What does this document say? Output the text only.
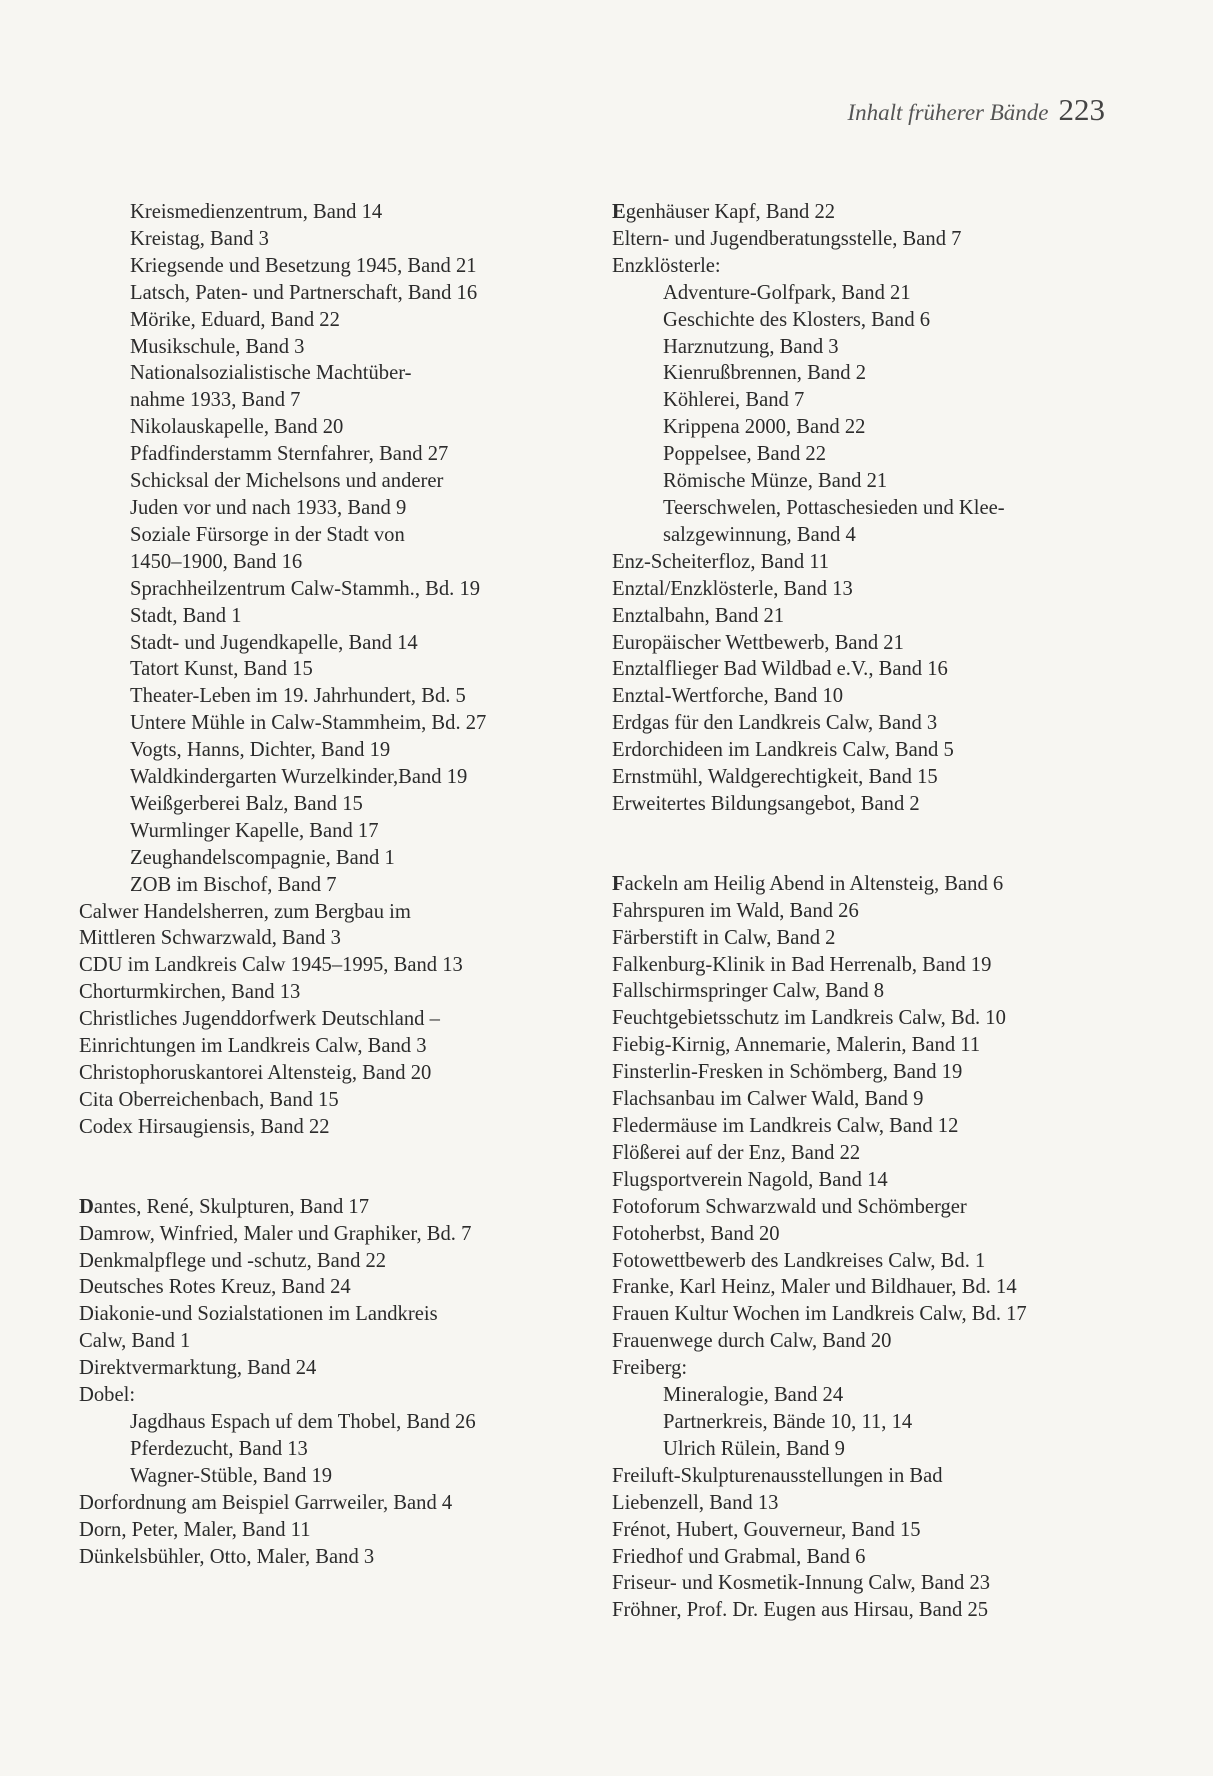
Inhalt früherer Bände 223
Kreismedienzentrum, Band 14
Kreistag, Band 3
Kriegsende und Besetzung 1945, Band 21
Latsch, Paten- und Partnerschaft, Band 16
Mörike, Eduard, Band 22
Musikschule, Band 3
Nationalsozialistische Machtüber-
nahme 1933, Band 7
Nikolauskapelle, Band 20
Pfadfinderstamm Sternfahrer, Band 27
Schicksal der Michelsons und anderer
Juden vor und nach 1933, Band 9
Soziale Fürsorge in der Stadt von
1450–1900, Band 16
Sprachheilzentrum Calw-Stammh., Bd. 19
Stadt, Band 1
Stadt- und Jugendkapelle, Band 14
Tatort Kunst, Band 15
Theater-Leben im 19. Jahrhundert, Bd. 5
Untere Mühle in Calw-Stammheim, Bd. 27
Vogts, Hanns, Dichter, Band 19
Waldkindergarten Wurzelkinder,Band 19
Weißgerberei Balz, Band 15
Wurmlinger Kapelle, Band 17
Zeughandelscompagnie, Band 1
ZOB im Bischof, Band 7
Calwer Handelsherren, zum Bergbau im
Mittleren Schwarzwald, Band 3
CDU im Landkreis Calw 1945–1995, Band 13
Chorturmkirchen, Band 13
Christliches Jugenddorfwerk Deutschland –
Einrichtungen im Landkreis Calw, Band 3
Christophoruskantorei Altensteig, Band 20
Cita Oberreichenbach, Band 15
Codex Hirsaugiensis, Band 22
Dantes, René, Skulpturen, Band 17
Damrow, Winfried, Maler und Graphiker, Bd. 7
Denkmalpflege und -schutz, Band 22
Deutsches Rotes Kreuz, Band 24
Diakonie-und Sozialstationen im Landkreis
Calw, Band 1
Direktvermarktung, Band 24
Dobel:
Jagdhaus Espach uf dem Thobel, Band 26
Pferdezucht, Band 13
Wagner-Stüble, Band 19
Dorfordnung am Beispiel Garrweiler, Band 4
Dorn, Peter, Maler, Band 11
Dünkelsbühler, Otto, Maler, Band 3
Egenhäuser Kapf, Band 22
Eltern- und Jugendberatungsstelle, Band 7
Enzklösterle:
Adventure-Golfpark, Band 21
Geschichte des Klosters, Band 6
Harznutzung, Band 3
Kienrußbrennen, Band 2
Köhlerei, Band 7
Krippena 2000, Band 22
Poppelsee, Band 22
Römische Münze, Band 21
Teerschwelen, Pottaschesieden und Klee-
salzgewinnung, Band 4
Enz-Scheiterfloz, Band 11
Enztal/Enzklösterle, Band 13
Enztalbahn, Band 21
Europäischer Wettbewerb, Band 21
Enztalflieger Bad Wildbad e.V., Band 16
Enztal-Wertforche, Band 10
Erdgas für den Landkreis Calw, Band 3
Erdorchideen im Landkreis Calw, Band 5
Ernstmühl, Waldgerechtigkeit, Band 15
Erweitertes Bildungsangebot, Band 2
Fackeln am Heilig Abend in Altensteig, Band 6
Fahrspuren im Wald, Band 26
Färberstift in Calw, Band 2
Falkenburg-Klinik in Bad Herrenalb, Band 19
Fallschirmspringer Calw, Band 8
Feuchtgebietsschutz im Landkreis Calw, Bd. 10
Fiebig-Kirnig, Annemarie, Malerin, Band 11
Finsterlin-Fresken in Schömberg, Band 19
Flachsanbau im Calwer Wald, Band 9
Fledermäuse im Landkreis Calw, Band 12
Flößerei auf der Enz, Band 22
Flugsportverein Nagold, Band 14
Fotoforum Schwarzwald und Schömberger
Fotoherbst, Band 20
Fotowettbewerb des Landkreises Calw, Bd. 1
Franke, Karl Heinz, Maler und Bildhauer, Bd. 14
Frauen Kultur Wochen im Landkreis Calw, Bd. 17
Frauenwege durch Calw, Band 20
Freiberg:
Mineralogie, Band 24
Partnerkreis, Bände 10, 11, 14
Ulrich Rülein, Band 9
Freiluft-Skulpturenausstellungen in Bad
Liebenzell, Band 13
Frénot, Hubert, Gouverneur, Band 15
Friedhof und Grabmal, Band 6
Friseur- und Kosmetik-Innung Calw, Band 23
Fröhner, Prof. Dr. Eugen aus Hirsau, Band 25
